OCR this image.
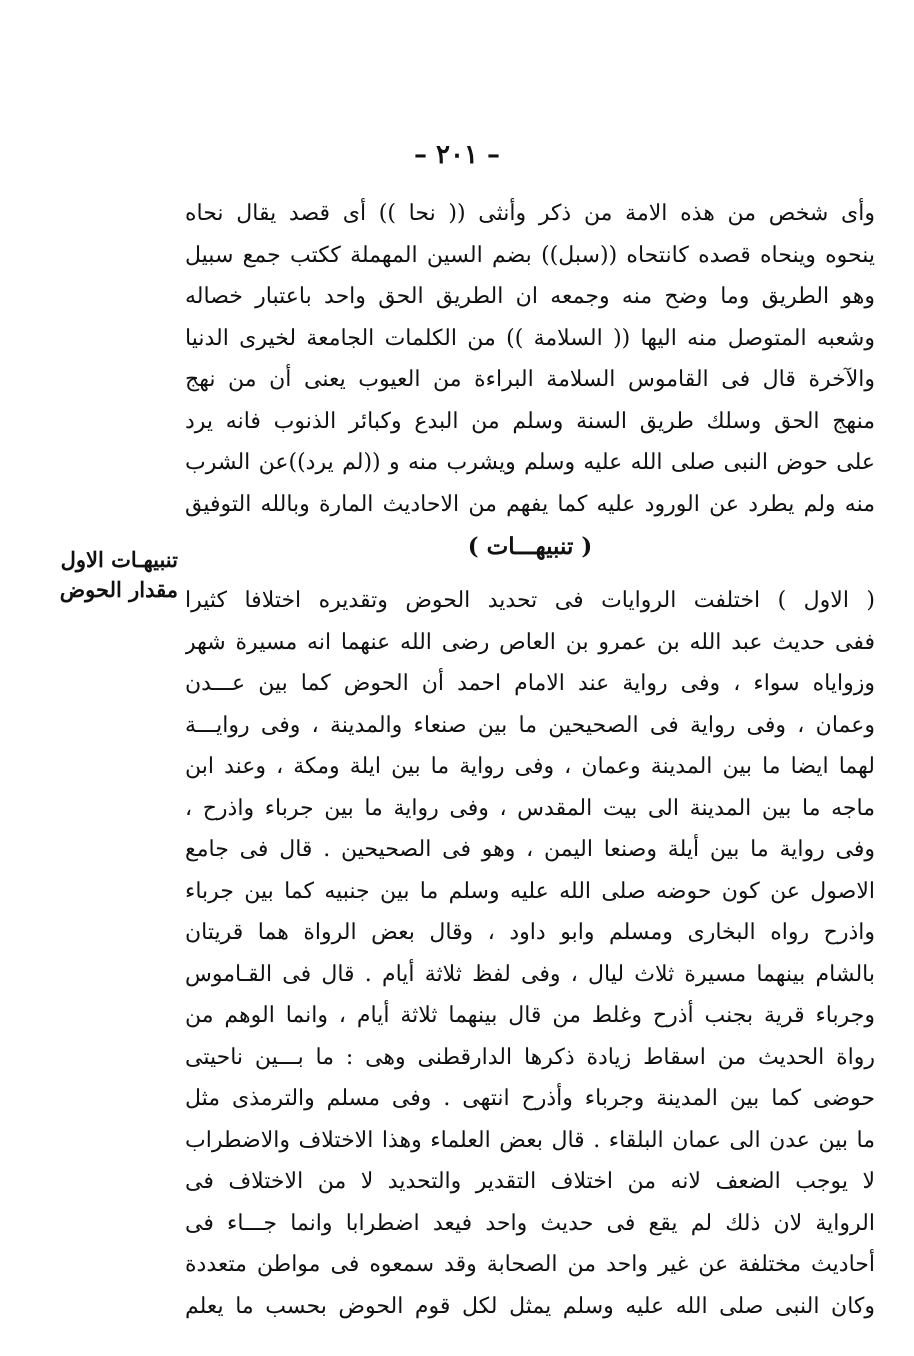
– ٢٠١ –
وأى شخص من هذه الامة من ذكر وأنثى (( نحا )) أى قصد يقال نحاه
ينحوه وينحاه قصده كانتحاه ((سبل)) بضم السين المهملة ككتب جمع سبيل
وهو الطريق وما وضح منه وجمعه ان الطريق الحق واحد باعتبار خصاله
وشعبه المتوصل منه اليها (( السلامة )) من الكلمات الجامعة لخيرى الدنيا
والآخرة قال فى القاموس السلامة البراءة من العيوب يعنى أن من نهج
منهج الحق وسلك طريق السنة وسلم من البدع وكبائر الذنوب فانه يرد
على حوض النبى صلى الله عليه وسلم ويشرب منه و ((لم يرد))عن الشرب
منه ولم يطرد عن الورود عليه كما يفهم من الاحاديث المارة وبالله التوفيق
( تنبيهـــات )
تنبيهـات الاول
مقدار الحوض ( الاول ) اختلفت الروايات فى تحديد الحوض وتقديره اختلافا كثيرا
ففى حديث عبد الله بن عمرو بن العاص رضى الله عنهما انه مسيرة شهر
وزواياه سواء ، وفى رواية عند الامام احمد أن الحوض كما بين عـــدن
وعمان ، وفى رواية فى الصحيحين ما بين صنعاء والمدينة ، وفى روايـــة
لهما ايضا ما بين المدينة وعمان ، وفى رواية ما بين ايلة ومكة ، وعند ابن
ماجه ما بين المدينة الى بيت المقدس ، وفى رواية ما بين جرباء واذرح ،
وفى رواية ما بين أيلة وصنعا اليمن ، وهو فى الصحيحين . قال فى جامع
الاصول عن كون حوضه صلى الله عليه وسلم ما بين جنبيه كما بين جرباء
واذرح رواه البخارى ومسلم وابو داود ، وقال بعض الرواة هما قريتان
بالشام بينهما مسيرة ثلاث ليال ، وفى لفظ ثلاثة أيام . قال فى القـاموس
وجرباء قرية بجنب أذرح وغلط من قال بينهما ثلاثة أيام ، وانما الوهم من
رواة الحديث من اسقاط زيادة ذكرها الدارقطنى وهى : ما بـــين ناحيتى
حوضى كما بين المدينة وجرباء وأذرح انتهى . وفى مسلم والترمذى مثل
ما بين عدن الى عمان البلقاء . قال بعض العلماء وهذا الاختلاف والاضطراب
لا يوجب الضعف لانه من اختلاف التقدير والتحديد لا من الاختلاف فى
الرواية لان ذلك لم يقع فى حديث واحد فيعد اضطرابا وانما جـــاء فى
أحاديث مختلفة عن غير واحد من الصحابة وقد سمعوه فى مواطن متعددة
وكان النبى صلى الله عليه وسلم يمثل لكل قوم الحوض بحسب ما يعلم
